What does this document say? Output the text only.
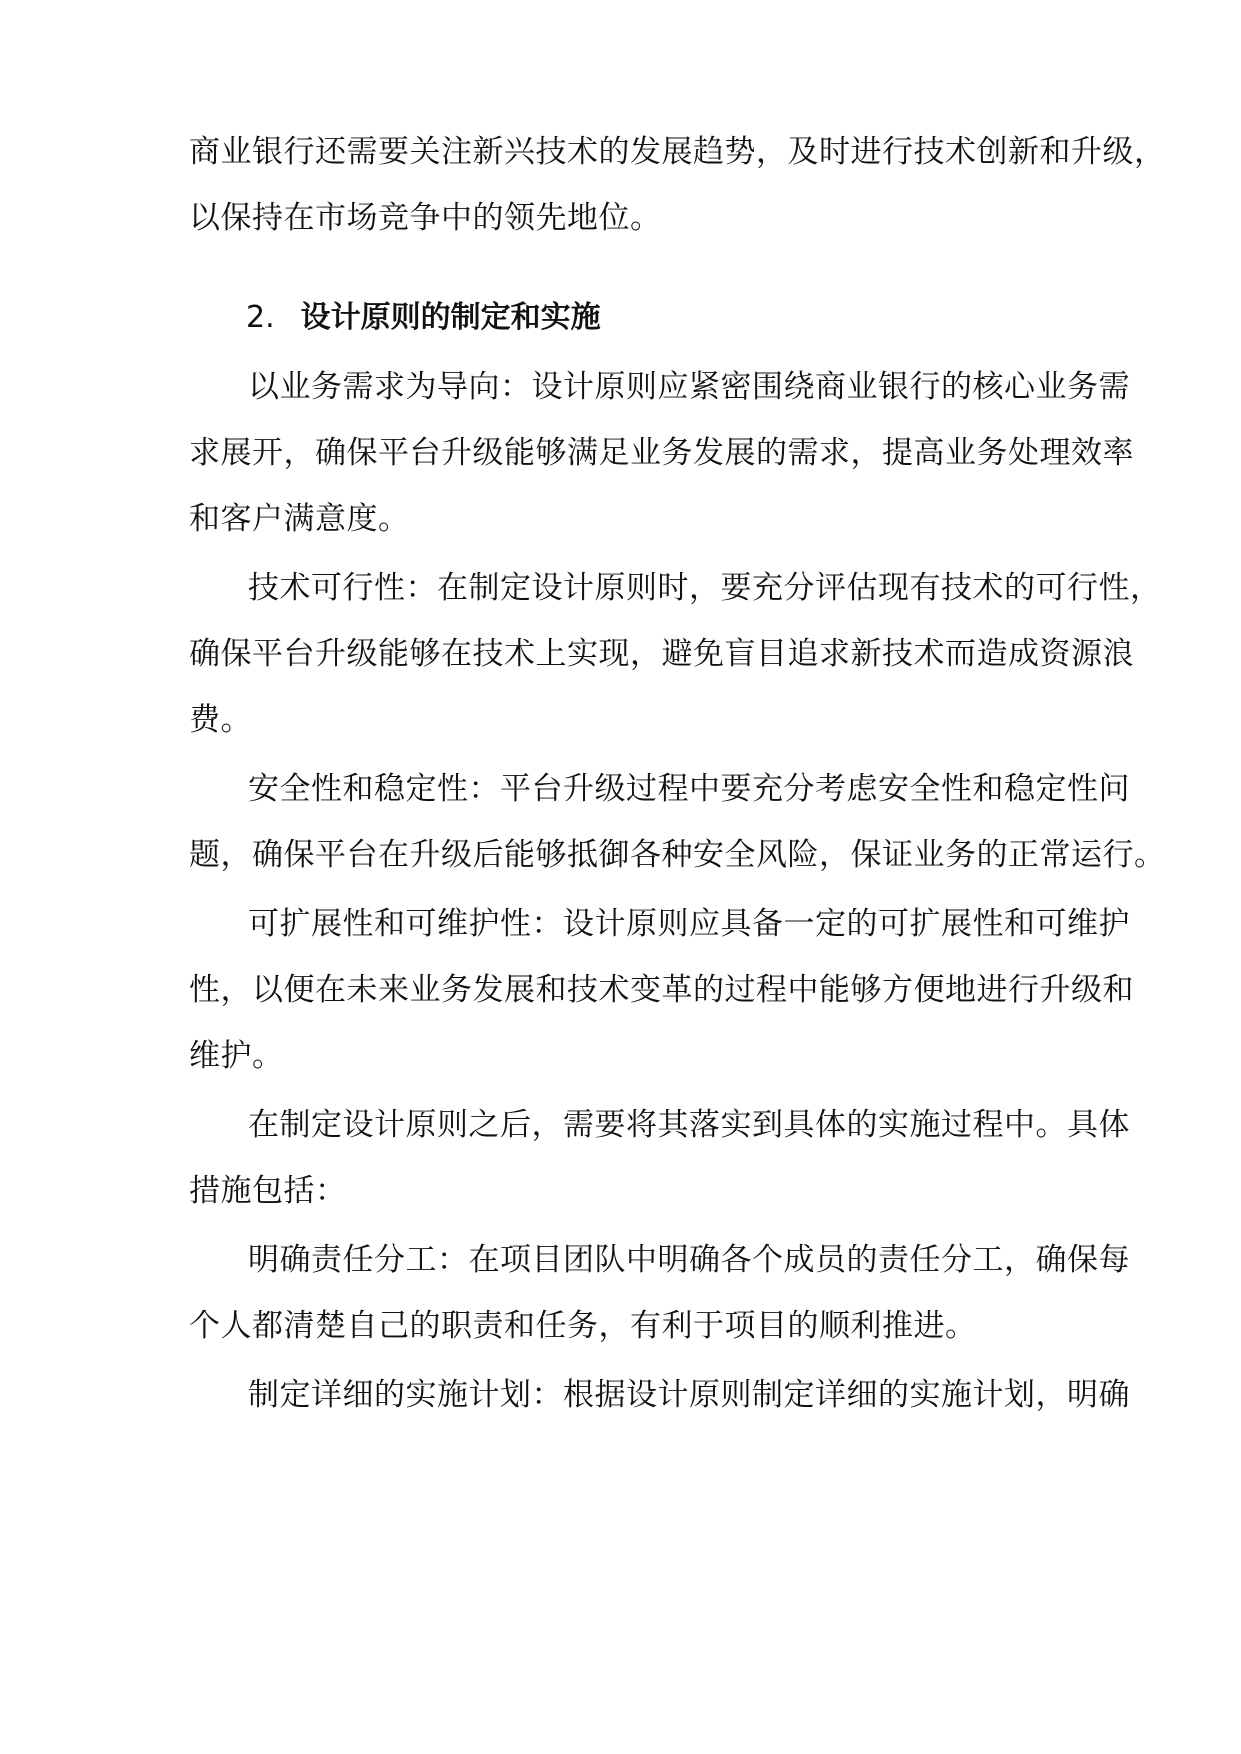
商业银行还需要关注新兴技术的发展趋势，及时进行技术创新和升级，
以保持在市场竞争中的领先地位。
2. 设计原则的制定和实施
以业务需求为导向：设计原则应紧密围绕商业银行的核心业务需
求展开，确保平台升级能够满足业务发展的需求，提高业务处理效率
和客户满意度。
技术可行性：在制定设计原则时，要充分评估现有技术的可行性，
确保平台升级能够在技术上实现，避免盲目追求新技术而造成资源浪
费。
安全性和稳定性：平台升级过程中要充分考虑安全性和稳定性问
题，确保平台在升级后能够抵御各种安全风险，保证业务的正常运行。
可扩展性和可维护性：设计原则应具备一定的可扩展性和可维护
性，以便在未来业务发展和技术变革的过程中能够方便地进行升级和
维护。
在制定设计原则之后，需要将其落实到具体的实施过程中。具体
措施包括：
明确责任分工：在项目团队中明确各个成员的责任分工，确保每
个人都清楚自己的职责和任务，有利于项目的顺利推进。
制定详细的实施计划：根据设计原则制定详细的实施计划，明确
